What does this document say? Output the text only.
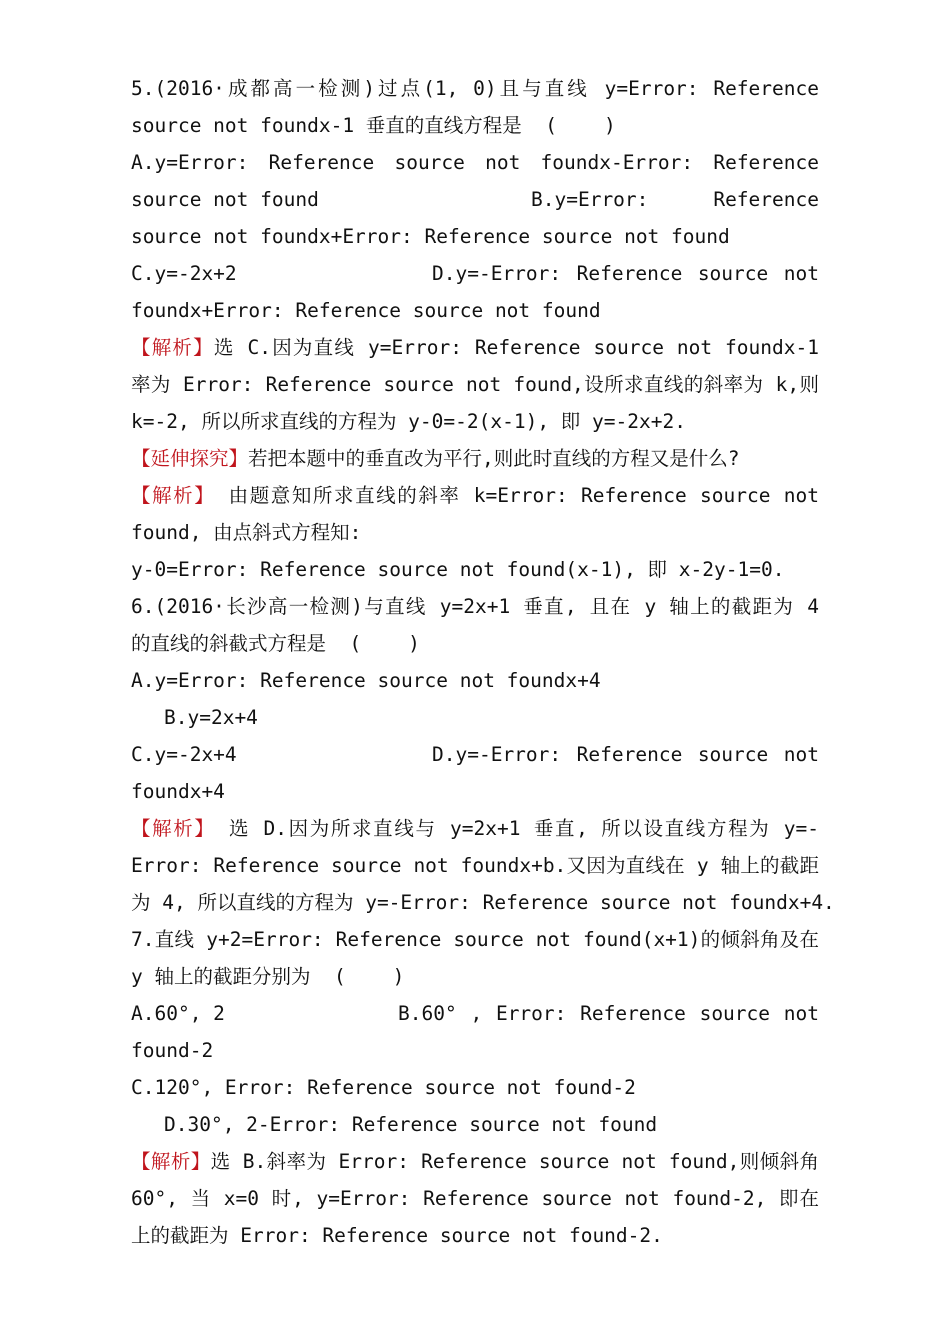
5.(2016·成都高一检测)过点(1, 0)且与直线 y=Error: Reference
source not foundx-1 垂直的直线方程是  (    )
A.y=Error: Reference source not foundx-Error: Reference
source not found	B.y=Error: Reference
source not foundx+Error: Reference source not found
C.y=-2x+2	D.y=-Error: Reference source not
foundx+Error: Reference source not found
【解析】选 C.因为直线 y=Error: Reference source not foundx-1
率为 Error: Reference source not found,设所求直线的斜率为 k,则
k=-2, 所以所求直线的方程为 y-0=-2(x-1), 即 y=-2x+2.
【延伸探究】若把本题中的垂直改为平行,则此时直线的方程又是什么?
【解析】 由题意知所求直线的斜率 k=Error: Reference source not
found, 由点斜式方程知:
y-0=Error: Reference source not found(x-1), 即 x-2y-1=0.
6.(2016·长沙高一检测)与直线 y=2x+1 垂直, 且在 y 轴上的截距为 4
的直线的斜截式方程是  (    )
A.y=Error: Reference source not foundx+4
B.y=2x+4
C.y=-2x+4	D.y=-Error: Reference source not
foundx+4
【解析】 选 D.因为所求直线与 y=2x+1 垂直, 所以设直线方程为 y=-
Error: Reference source not foundx+b.又因为直线在 y 轴上的截距
为 4, 所以直线的方程为 y=-Error: Reference source not foundx+4.
7.直线 y+2=Error: Reference source not found(x+1)的倾斜角及在
y 轴上的截距分别为  (    )
A.60°, 2	B.60° , Error: Reference source not
found-2
C.120°, Error: Reference source not found-2
D.30°, 2-Error: Reference source not found
【解析】选 B.斜率为 Error: Reference source not found,则倾斜角
60°, 当 x=0 时, y=Error: Reference source not found-2, 即在
上的截距为 Error: Reference source not found-2.
